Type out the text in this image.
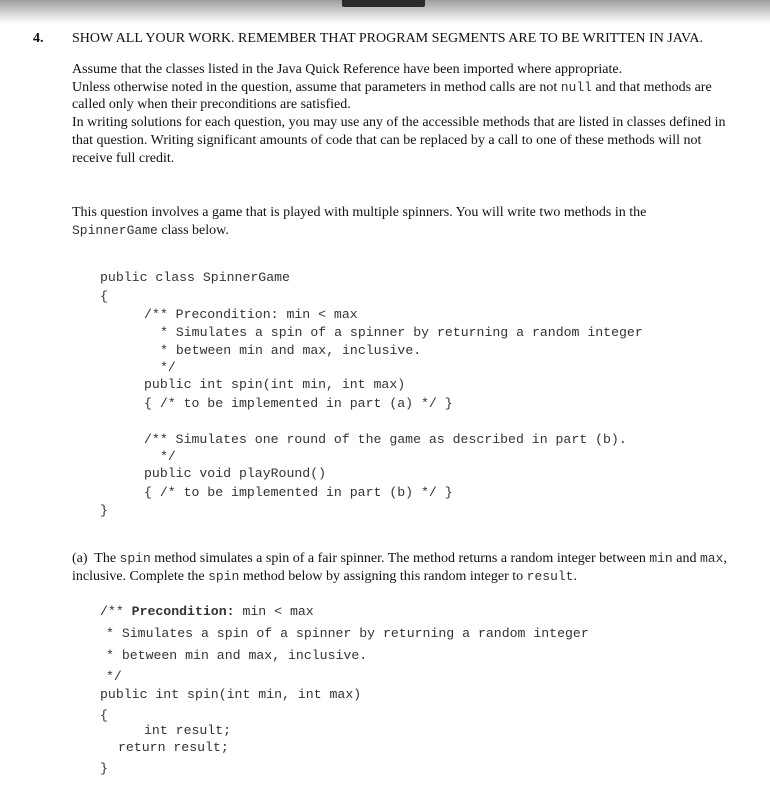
4. SHOW ALL YOUR WORK. REMEMBER THAT PROGRAM SEGMENTS ARE TO BE WRITTEN IN JAVA.
Assume that the classes listed in the Java Quick Reference have been imported where appropriate.
Unless otherwise noted in the question, assume that parameters in method calls are not null and that methods are called only when their preconditions are satisfied.
In writing solutions for each question, you may use any of the accessible methods that are listed in classes defined in that question. Writing significant amounts of code that can be replaced by a call to one of these methods will not receive full credit.
This question involves a game that is played with multiple spinners. You will write two methods in the SpinnerGame class below.

public class SpinnerGame

{

/** Precondition: min < max

* Simulates a spin of a spinner by returning a random integer

* between min and max, inclusive.

*/

public int spin(int min, int max)

{ /* to be implemented in part (a) */ }

/** Simulates one round of the game as described in part (b).

*/

public void playRound()

{ /* to be implemented in part (b) */ }

}

(a)  The spin method simulates a spin of a fair spinner. The method returns a random integer between min and max, inclusive. Complete the spin method below by assigning this random integer to result.

/** Precondition: min < max

* Simulates a spin of a spinner by returning a random integer

* between min and max, inclusive.

*/

public int spin(int min, int max)

{

int result;

return result;

}
